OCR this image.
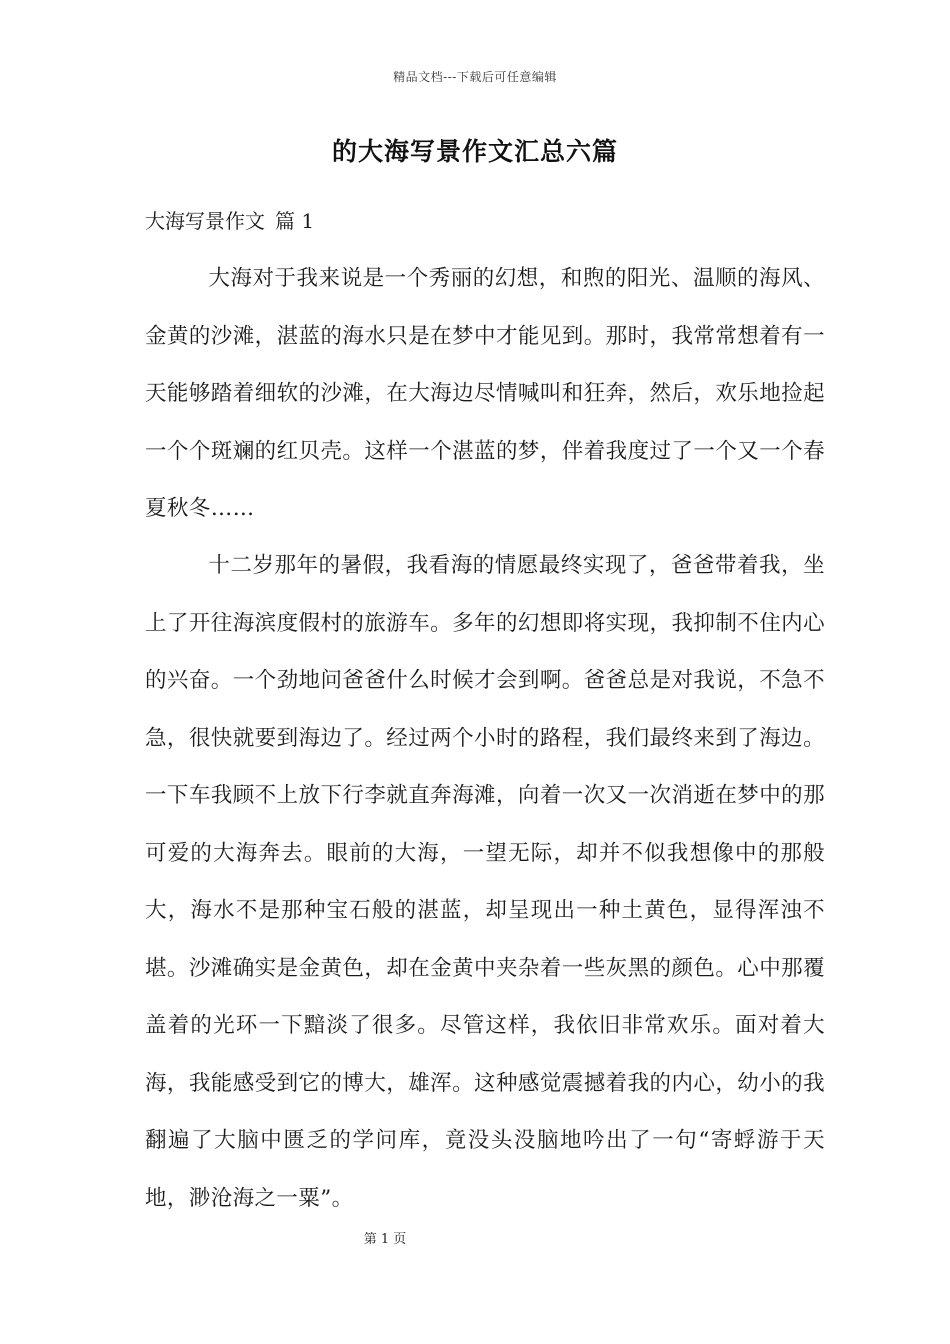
精品文档---下载后可任意编辑
的大海写景作文汇总六篇
大海写景作文 篇 1

大海对于我来说是一个秀丽的幻想，和煦的阳光、温顺的海风、金黄的沙滩，湛蓝的海水只是在梦中才能见到。那时，我常常想着有一天能够踏着细软的沙滩，在大海边尽情喊叫和狂奔，然后，欢乐地捡起一个个斑斓的红贝壳。这样一个湛蓝的梦，伴着我度过了一个又一个春夏秋冬……

十二岁那年的暑假，我看海的情愿最终实现了，爸爸带着我，坐上了开往海滨度假村的旅游车。多年的幻想即将实现，我抑制不住内心的兴奋。一个劲地问爸爸什么时候才会到啊。爸爸总是对我说，不急不急，很快就要到海边了。经过两个小时的路程，我们最终来到了海边。一下车我顾不上放下行李就直奔海滩，向着一次又一次消逝在梦中的那可爱的大海奔去。眼前的大海，一望无际，却并不似我想像中的那般大，海水不是那种宝石般的湛蓝，却呈现出一种土黄色，显得浑浊不堪。沙滩确实是金黄色，却在金黄中夹杂着一些灰黑的颜色。心中那覆盖着的光环一下黯淡了很多。尽管这样，我依旧非常欢乐。面对着大海，我能感受到它的博大，雄浑。这种感觉震撼着我的内心，幼小的我翻遍了大脑中匮乏的学问库，竟没头没脑地吟出了一句“寄蜉游于天地，渺沧海之一粟”。

第 1 页
